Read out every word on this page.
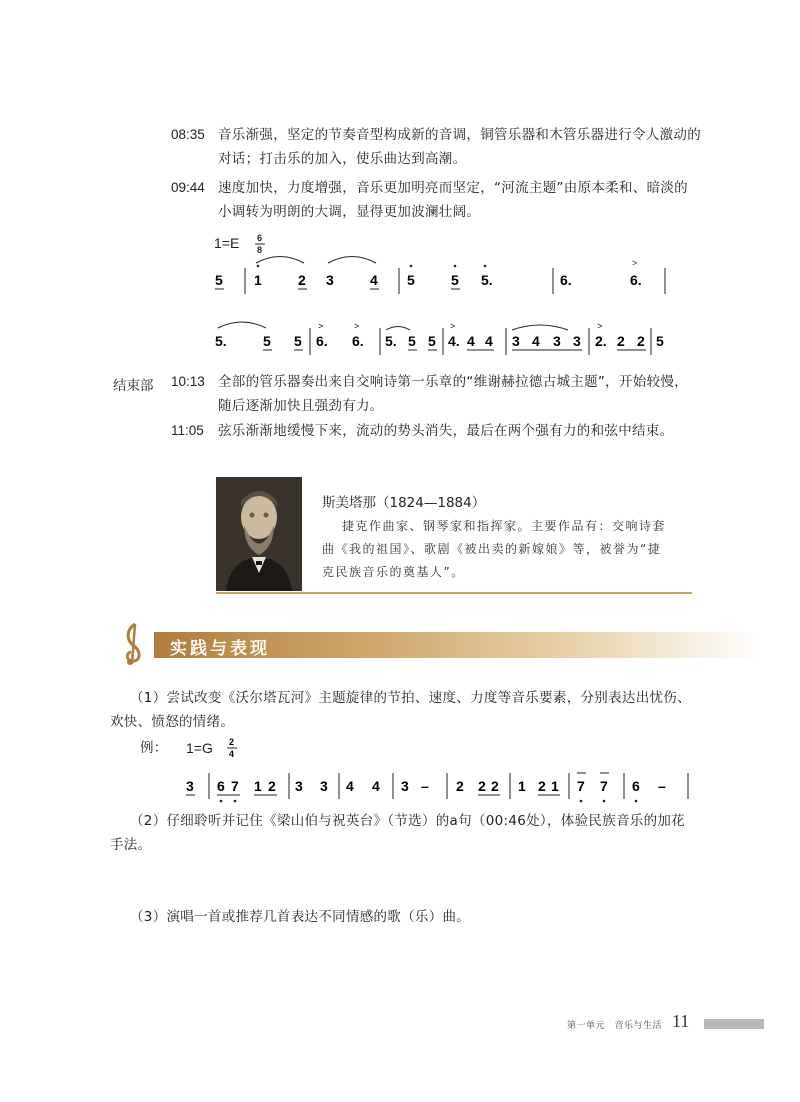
08:35 音乐渐强，坚定的节奏音型构成新的音调，铜管乐器和木管乐器进行令人激动的
对话；打击乐的加入，使乐曲达到高潮。
09:44 速度加快，力度增强，音乐更加明亮而坚定，“河流主题”由原本柔和、暗淡的
小调转为明朗的大调，显得更加波澜壮阔。
1=E 6
8
5 1	2 3	4 5	5 5.	6.	6.
>
5.	5 5 6.
>
6.
>
5. 5 5 4.
>
4 4 3 4 3 3 2.
>
2 2 5
结束部 10:13 全部的管乐器奏出来自交响诗第一乐章的“维谢赫拉德古城主题”，开始较慢，
随后逐渐加快且强劲有力。
11:05 弦乐渐渐地缓慢下来，流动的势头消失，最后在两个强有力的和弦中结束。
斯美塔那（1824—1884）
捷克作曲家、钢琴家和指挥家。主要作品有：交响诗套
曲《我的祖国》、歌剧《被出卖的新嫁娘》等，被誉为“捷
克民族音乐的奠基人”。
实践与表现
（1）尝试改变《沃尔塔瓦河》主题旋律的节拍、速度、力度等音乐要素，分别表达出忧伤、
欢快、愤怒的情绪。
例： 1=G 2
4
3 6 7 1 2 3 3 4 4 3 – 2 2 2 1 2 1 7 7 6 –
（2）仔细聆听并记住《梁山伯与祝英台》（节选）的a句（00:46处），体验民族音乐的加花
手法。
（3）演唱一首或推荐几首表达不同情感的歌（乐）曲。
第一单元　音乐与生活 11
